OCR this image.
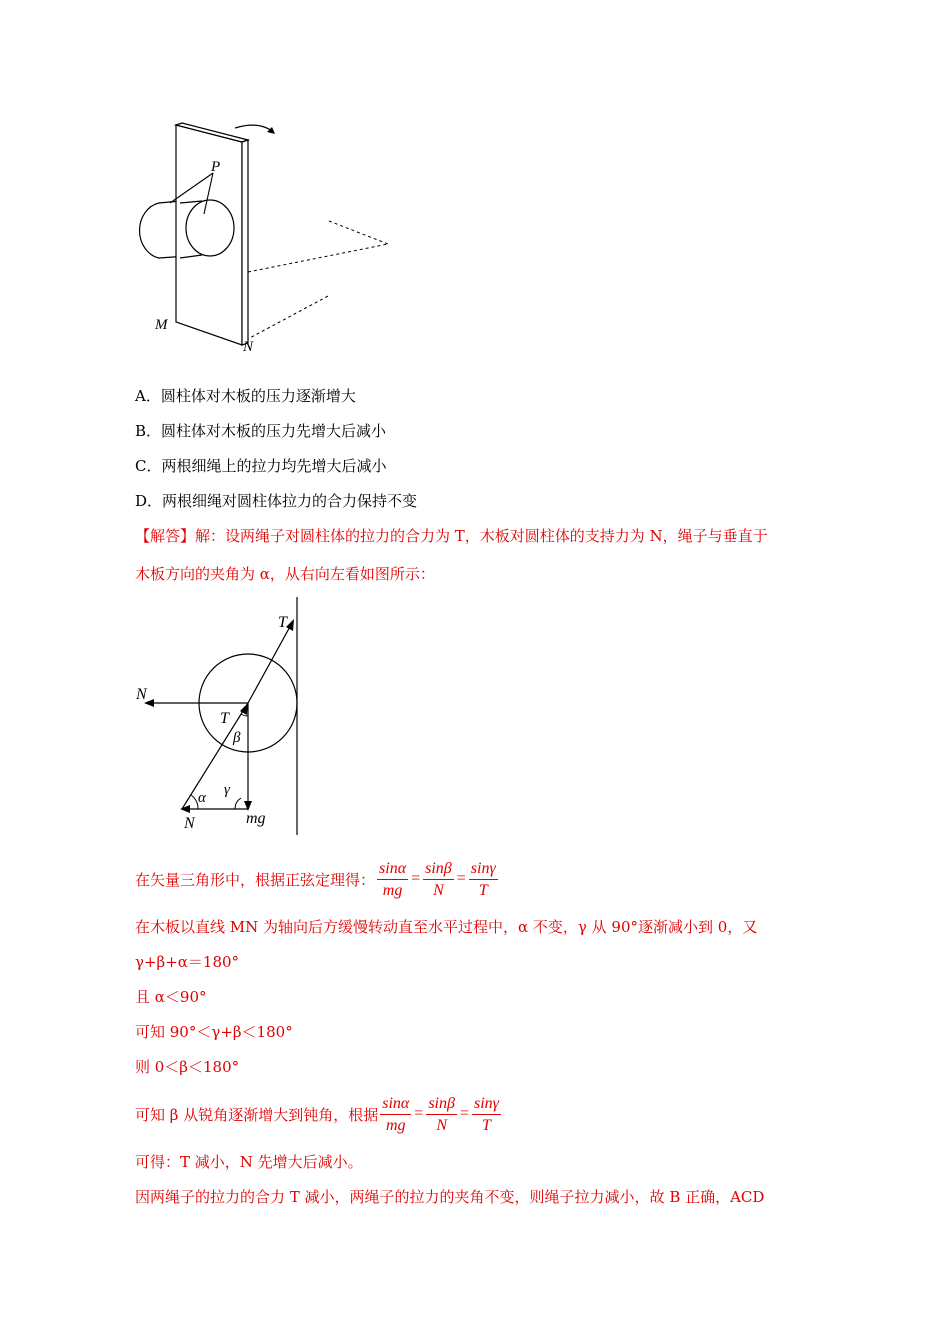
P
M
N
A．圆柱体对木板的压力逐渐增大
B．圆柱体对木板的压力先增大后减小
C．两根细绳上的拉力均先增大后减小
D．两根细绳对圆柱体拉力的合力保持不变
【解答】解：设两绳子对圆柱体的拉力的合力为 T，木板对圆柱体的支持力为 N，绳子与垂直于
木板方向的夹角为 α，从右向左看如图所示：
T
N
T
β
γ
α
N	mg
在矢量三角形中，根据正弦定理得： $\frac{\sin\alpha}{mg} = \frac{\sin\beta}{N} = \frac{\sin\gamma}{T}$
在木板以直线 MN 为轴向后方缓慢转动直至水平过程中，α 不变，γ 从 90°逐渐减小到 0，又
γ+β+α＝180°
且 α＜90°
可知 90°＜γ+β＜180°
则 0＜β＜180°
可知 β 从锐角逐渐增大到钝角，根据 $\frac{\sin\alpha}{mg} = \frac{\sin\beta}{N} = \frac{\sin\gamma}{T}$
可得：T 减小，N 先增大后减小。
因两绳子的拉力的合力 T 减小，两绳子的拉力的夹角不变，则绳子拉力减小，故 B 正确，ACD
